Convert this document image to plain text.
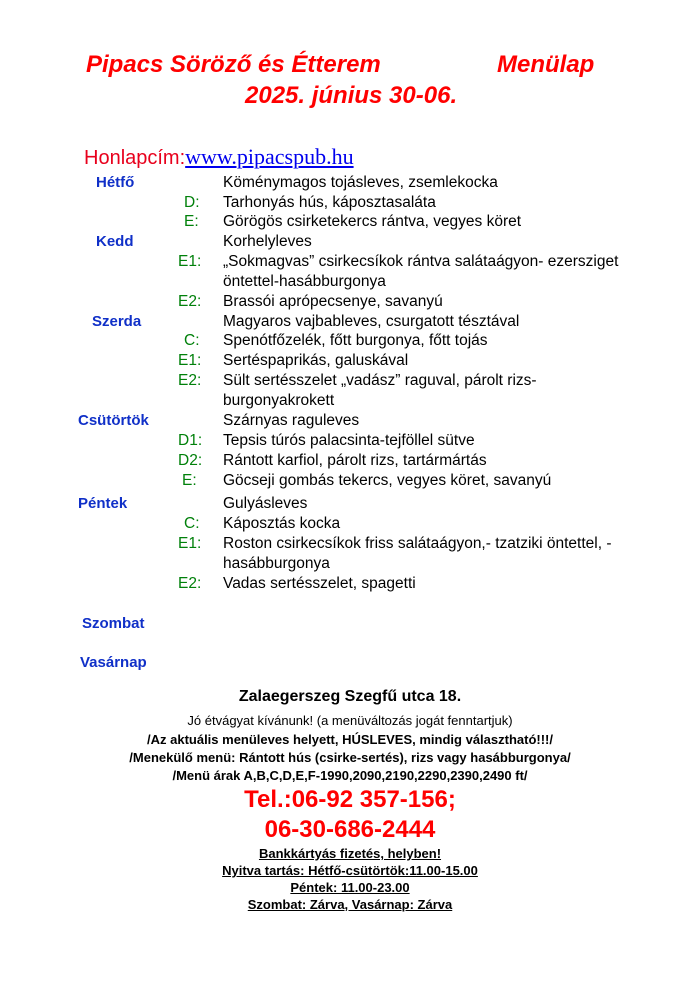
Pipacs Söröző és Étterem	Menülap
2025. június 30-06.
Honlapcím:www.pipacspub.hu
Hétfő	Köménymagos tojásleves, zsemlekocka
D: Tarhonyás hús, káposztasaláta
E: Görögös csirketekercs rántva, vegyes köret
Kedd	Korhelyleves
E1: „Sokmagvas” csirkecsíkok rántva salátaágyon- ezersziget
öntettel-hasábburgonya
E2: Brassói aprópecsenye, savanyú
Szerda	Magyaros vajbableves, csurgatott tésztával
C: Spenótfőzelék, főtt burgonya, főtt tojás
E1: Sertéspaprikás, galuskával
E2: Sült sertésszelet „vadász” raguval, párolt rizs-
burgonyakrokett
Csütörtök	Szárnyas raguleves
D1: Tepsis túrós palacsinta-tejföllel sütve
D2: Rántott karfiol, párolt rizs, tartármártás
E: Göcseji gombás tekercs, vegyes köret, savanyú
Péntek	Gulyásleves
C: Káposztás kocka
E1: Roston csirkecsíkok friss salátaágyon,- tzatziki öntettel, -
hasábburgonya
E2: Vadas sertésszelet, spagetti
Szombat
Vasárnap
Zalaegerszeg Szegfű utca 18.
Jó étvágyat kívánunk! (a menüváltozás jogát fenntartjuk)
/Az aktuális menüleves helyett, HÚSLEVES, mindig választható!!!/
/Menekülő menü: Rántott hús (csirke-sertés), rizs vagy hasábburgonya/
/Menü árak A,B,C,D,E,F-1990,2090,2190,2290,2390,2490 ft/
Tel.:06-92 357-156;
06-30-686-2444
Bankkártyás fizetés, helyben!
Nyitva tartás: Hétfő-csütörtök:11.00-15.00
Péntek: 11.00-23.00
Szombat: Zárva, Vasárnap: Zárva
